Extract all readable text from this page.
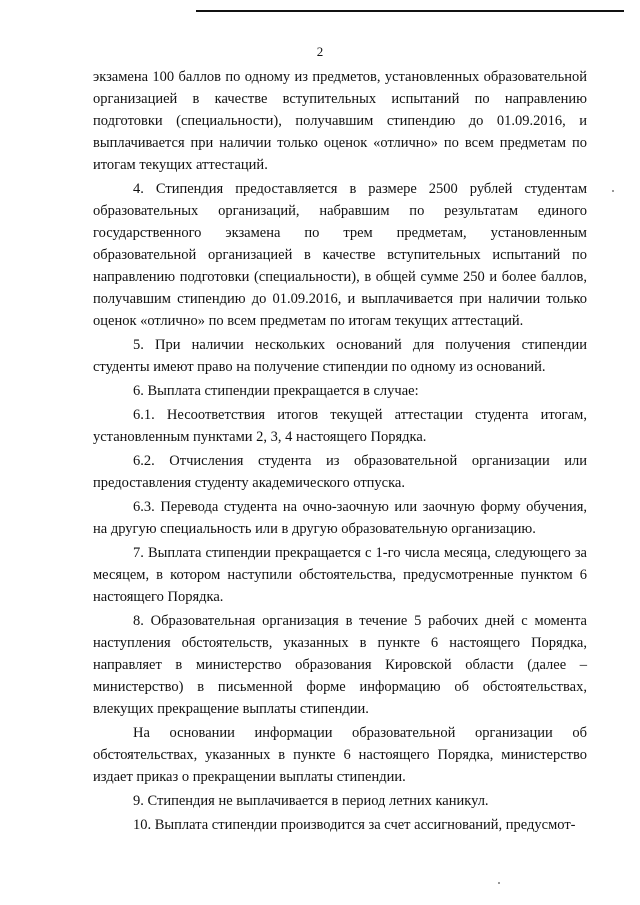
2

экзамена 100 баллов по одному из предметов, установленных образовательной организацией в качестве вступительных испытаний по направлению подготовки (специальности), получавшим стипендию до 01.09.2016, и выплачивается при наличии только оценок «отлично» по всем предметам по итогам текущих аттестаций.

4. Стипендия предоставляется в размере 2500 рублей студентам образовательных организаций, набравшим по результатам единого государственного экзамена по трем предметам, установленным образовательной организацией в качестве вступительных испытаний по направлению подготовки (специальности), в общей сумме 250 и более баллов, получавшим стипендию до 01.09.2016, и выплачивается при наличии только оценок «отлично» по всем предметам по итогам текущих аттестаций.

5. При наличии нескольких оснований для получения стипендии студенты имеют право на получение стипендии по одному из оснований.

6. Выплата стипендии прекращается в случае:

6.1. Несоответствия итогов текущей аттестации студента итогам, установленным пунктами 2, 3, 4 настоящего Порядка.

6.2. Отчисления студента из образовательной организации или предоставления студенту академического отпуска.

6.3. Перевода студента на очно-заочную или заочную форму обучения, на другую специальность или в другую образовательную организацию.

7. Выплата стипендии прекращается с 1-го числа месяца, следующего за месяцем, в котором наступили обстоятельства, предусмотренные пунктом 6 настоящего Порядка.

8. Образовательная организация в течение 5 рабочих дней с момента наступления обстоятельств, указанных в пункте 6 настоящего Порядка, направляет в министерство образования Кировской области (далее – министерство) в письменной форме информацию об обстоятельствах, влекущих прекращение выплаты стипендии.

На основании информации образовательной организации об обстоятельствах, указанных в пункте 6 настоящего Порядка, министерство издает приказ о прекращении выплаты стипендии.

9. Стипендия не выплачивается в период летних каникул.

10. Выплата стипендии производится за счет ассигнований, предусмот-
